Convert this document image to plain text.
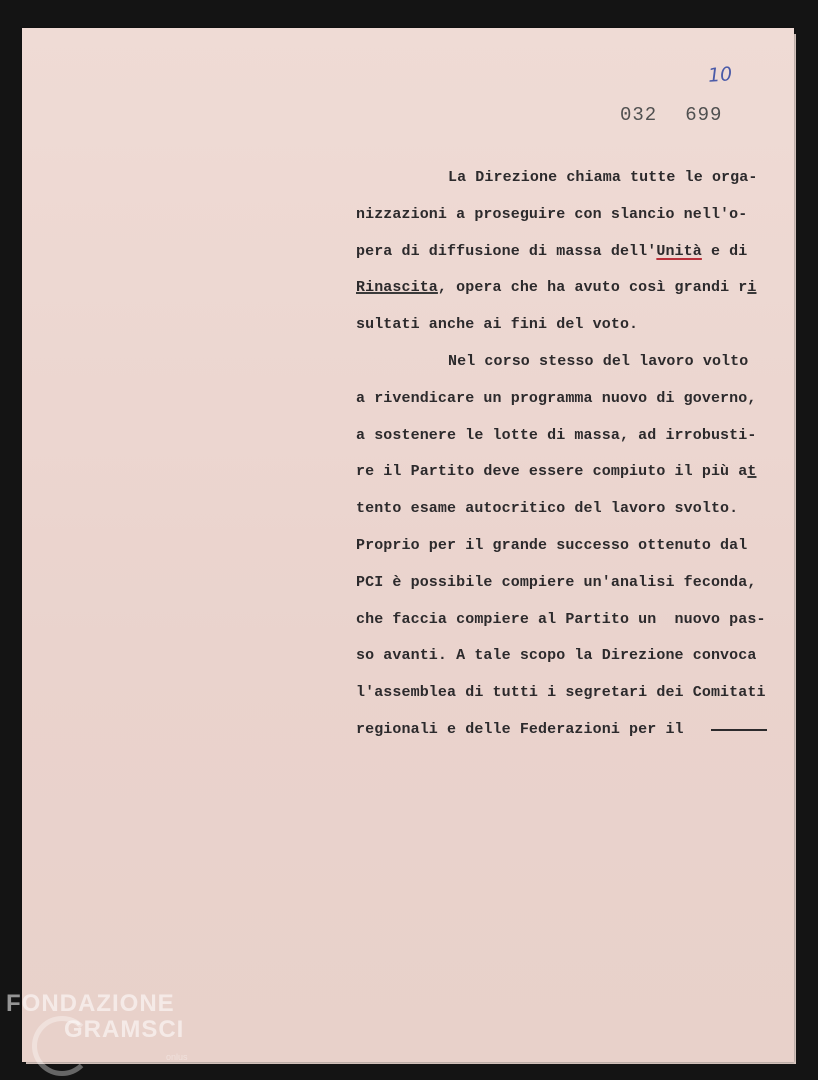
10
032 699
La Direzione chiama tutte le orga-
nizzazioni a proseguire con slancio nell'o-
pera di diffusione di massa dell'Unità e di
Rinascita, opera che ha avuto così grandi ri
sultati anche ai fini del voto.
Nel corso stesso del lavoro volto
a rivendicare un programma nuovo di governo,
a sostenere le lotte di massa, ad irrobusti-
re il Partito deve essere compiuto il più at
tento esame autocritico del lavoro svolto.
Proprio per il grande successo ottenuto dal
PCI è possibile compiere un'analisi feconda,
che faccia compiere al Partito un  nuovo pas-
so avanti. A tale scopo la Direzione convoca
l'assemblea di tutti i segretari dei Comitati
regionali e delle Federazioni per il
FONDAZIONE
GRAMSCI
onlus
